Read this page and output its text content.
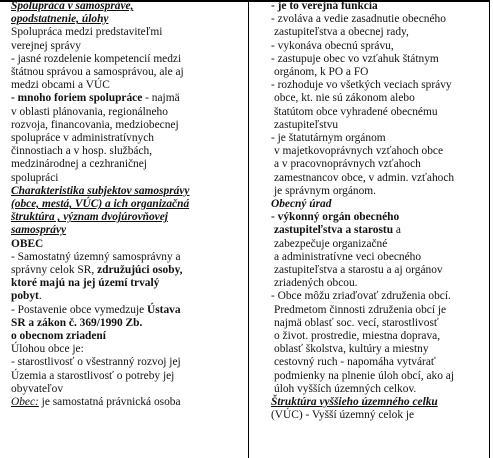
Spolupráca v samospráve,
opodstatnenie, úlohy
Spolupráca medzi predstaviteľmi
verejnej správy
- jasné rozdelenie kompetencií medzi
štátnou správou a samosprávou, ale aj
medzi obcami a VÚC
- mnoho foriem spolupráce - najmä
v oblasti plánovania, regionálneho
rozvoja, financovania, medziobecnej
spolupráce v administratívnych
činnostiach a v hosp. službách,
medzinárodnej a cezhraničnej
spolupráci
Charakteristika subjektov samosprávy
(obce, mestá, VÚC) a ich organizačná
štruktúra , význam dvojúrovňovej
samosprávy
OBEC
- Samostatný územný samosprávny a
správny celok SR, združujúci osoby,
ktoré majú na jej území trvalý
pobyt.
- Postavenie obce vymedzuje Ústava
SR a zákon č. 369/1990 Zb.
o obecnom zriadení
Úlohou obce je:
- starostlivosť o všestranný rozvoj jej
Územia a starostlivosť o potreby jej
obyvateľov
Obec: je samostatná právnická osoba
- je to verejná funkcia
- zvoláva a vedie zasadnutie obecného
zastupiteľstva a obecnej rady,
- vykonáva obecnú správu,
- zastupuje obec vo vzťahuk štátnym
orgánom, k PO a FO
- rozhoduje vo všetkých veciach správy
obce, kt. nie sú zákonom alebo
štatútom obce vyhradené obecnému
zastupiteľstvu
- je štatutárnym orgánom
v majetkovoprávnych vzťahoch obce
a v pracovnoprávnych vzťahoch
zamestnancov obce, v admin. vzťahoch
je správnym orgánom.
Obecný úrad
- výkonný orgán obecného
zastupiteľstva a starostu a
zabezpečuje organizačné
a administratívne veci obecného
zastupiteľstva a starostu a aj orgánov
zriadených obcou.
- Obce môžu zriaďovať združenia obcí.
Predmetom činnosti združenia obcí je
najmä oblasť soc. vecí, starostlivosť
o život. prostredie, miestna doprava,
oblasť školstva, kultúry a miestny
cestovný ruch - napomáha vytvárať
podmienky na plnenie úloh obcí, ako aj
úloh vyšších územných celkov.
Štruktúra vyššieho územného celku
(VÚC) - Vyšší územný celok je
